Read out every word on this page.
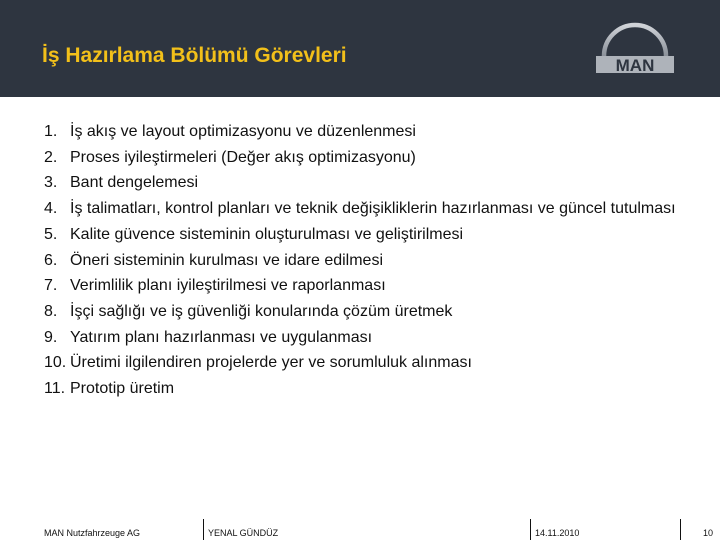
İş Hazırlama Bölümü Görevleri	MAN
1. İş akış ve layout optimizasyonu ve düzenlenmesi
2. Proses iyileştirmeleri (Değer akış optimizasyonu)
3. Bant dengelemesi
4. İş talimatları, kontrol planları ve teknik değişikliklerin hazırlanması ve güncel tutulması
5. Kalite güvence sisteminin oluşturulması ve geliştirilmesi
6. Öneri sisteminin kurulması ve idare edilmesi
7. Verimlilik planı iyileştirilmesi ve raporlanması
8. İşçi sağlığı ve iş güvenliği konularında çözüm üretmek
9. Yatırım planı hazırlanması ve uygulanması
10. Üretimi ilgilendiren projelerde yer ve sorumluluk alınması
11. Prototip üretim
MAN Nutzfahrzeuge AG	YENAL GÜNDÜZ	14.11.2010	10
